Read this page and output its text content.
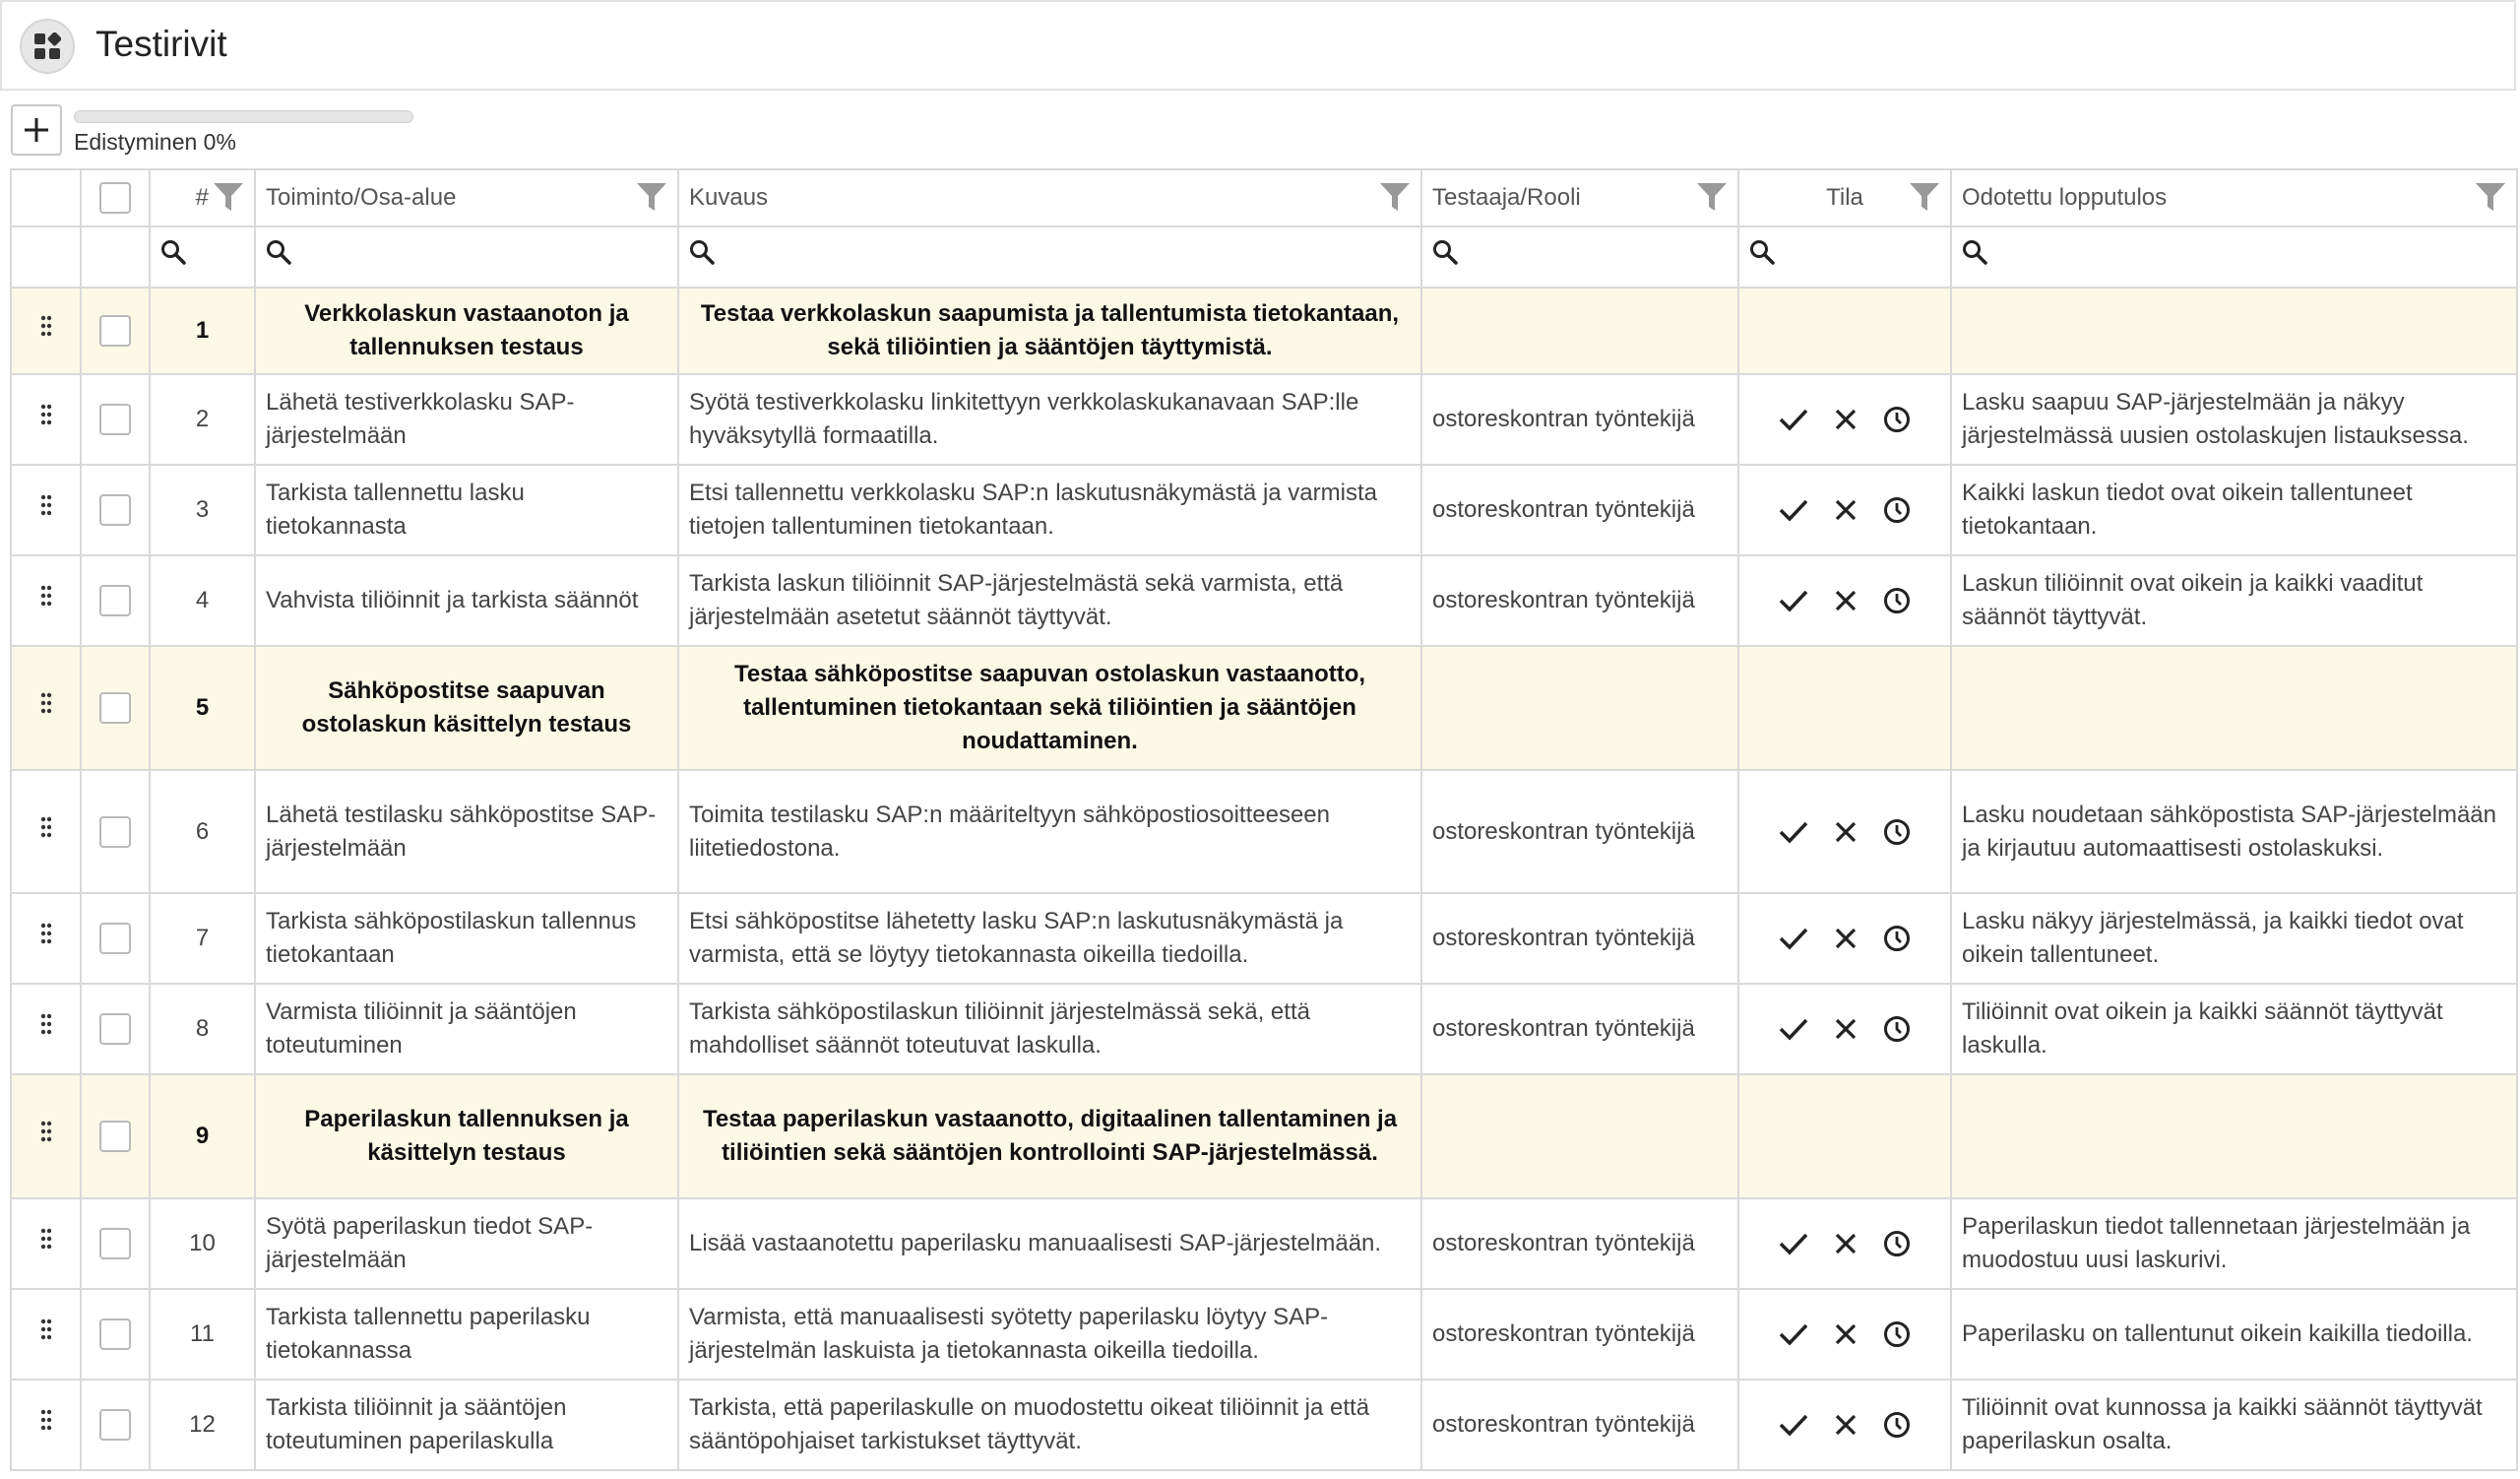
Testirivit
Edistyminen 0%

	#	Toiminto/Osa-alue	Kuvaus	Testaaja/Rooli	Tila	Odotettu lopputulos

	1	Verkkolaskun vastaanoton ja tallennuksen testaus	Testaa verkkolaskun saapumista ja tallentumista tietokantaan, sekä tiliöintien ja sääntöjen täyttymistä.			

	2	Lähetä testiverkkolasku SAP-järjestelmään	Syötä testiverkkolasku linkitettyyn verkkolaskukanavaan SAP:lle hyväksytyllä formaatilla.	ostoreskontran työntekijä		Lasku saapuu SAP-järjestelmään ja näkyy järjestelmässä uusien ostolaskujen listauksessa.

	3	Tarkista tallennettu lasku tietokannasta	Etsi tallennettu verkkolasku SAP:n laskutusnäkymästä ja varmista tietojen tallentuminen tietokantaan.	ostoreskontran työntekijä		Kaikki laskun tiedot ovat oikein tallentuneet tietokantaan.

	4	Vahvista tiliöinnit ja tarkista säännöt	Tarkista laskun tiliöinnit SAP-järjestelmästä sekä varmista, että järjestelmään asetetut säännöt täyttyvät.	ostoreskontran työntekijä		Laskun tiliöinnit ovat oikein ja kaikki vaaditut säännöt täyttyvät.

	5	Sähköpostitse saapuvan ostolaskun käsittelyn testaus	Testaa sähköpostitse saapuvan ostolaskun vastaanotto, tallentuminen tietokantaan sekä tiliöintien ja sääntöjen noudattaminen.			

	6	Lähetä testilasku sähköpostitse SAP-järjestelmään	Toimita testilasku SAP:n määriteltyyn sähköpostiosoitteeseen liitetiedostona.	ostoreskontran työntekijä		Lasku noudetaan sähköpostista SAP-järjestelmään ja kirjautuu automaattisesti ostolaskuksi.

	7	Tarkista sähköpostilaskun tallennus tietokantaan	Etsi sähköpostitse lähetetty lasku SAP:n laskutusnäkymästä ja varmista, että se löytyy tietokannasta oikeilla tiedoilla.	ostoreskontran työntekijä		Lasku näkyy järjestelmässä, ja kaikki tiedot ovat oikein tallentuneet.

	8	Varmista tiliöinnit ja sääntöjen toteutuminen	Tarkista sähköpostilaskun tiliöinnit järjestelmässä sekä, että mahdolliset säännöt toteutuvat laskulla.	ostoreskontran työntekijä		Tiliöinnit ovat oikein ja kaikki säännöt täyttyvät laskulla.

	9	Paperilaskun tallennuksen ja käsittelyn testaus	Testaa paperilaskun vastaanotto, digitaalinen tallentaminen ja tiliöintien sekä sääntöjen kontrollointi SAP-järjestelmässä.			

	10	Syötä paperilaskun tiedot SAP-järjestelmään	Lisää vastaanotettu paperilasku manuaalisesti SAP-järjestelmään.	ostoreskontran työntekijä		Paperilaskun tiedot tallennetaan järjestelmään ja muodostuu uusi laskurivi.

	11	Tarkista tallennettu paperilasku tietokannassa	Varmista, että manuaalisesti syötetty paperilasku löytyy SAP-järjestelmän laskuista ja tietokannasta oikeilla tiedoilla.	ostoreskontran työntekijä		Paperilasku on tallentunut oikein kaikilla tiedoilla.

	12	Tarkista tiliöinnit ja sääntöjen toteutuminen paperilaskulla	Tarkista, että paperilaskulle on muodostettu oikeat tiliöinnit ja että sääntöpohjaiset tarkistukset täyttyvät.	ostoreskontran työntekijä		Tiliöinnit ovat kunnossa ja kaikki säännöt täyttyvät paperilaskun osalta.
